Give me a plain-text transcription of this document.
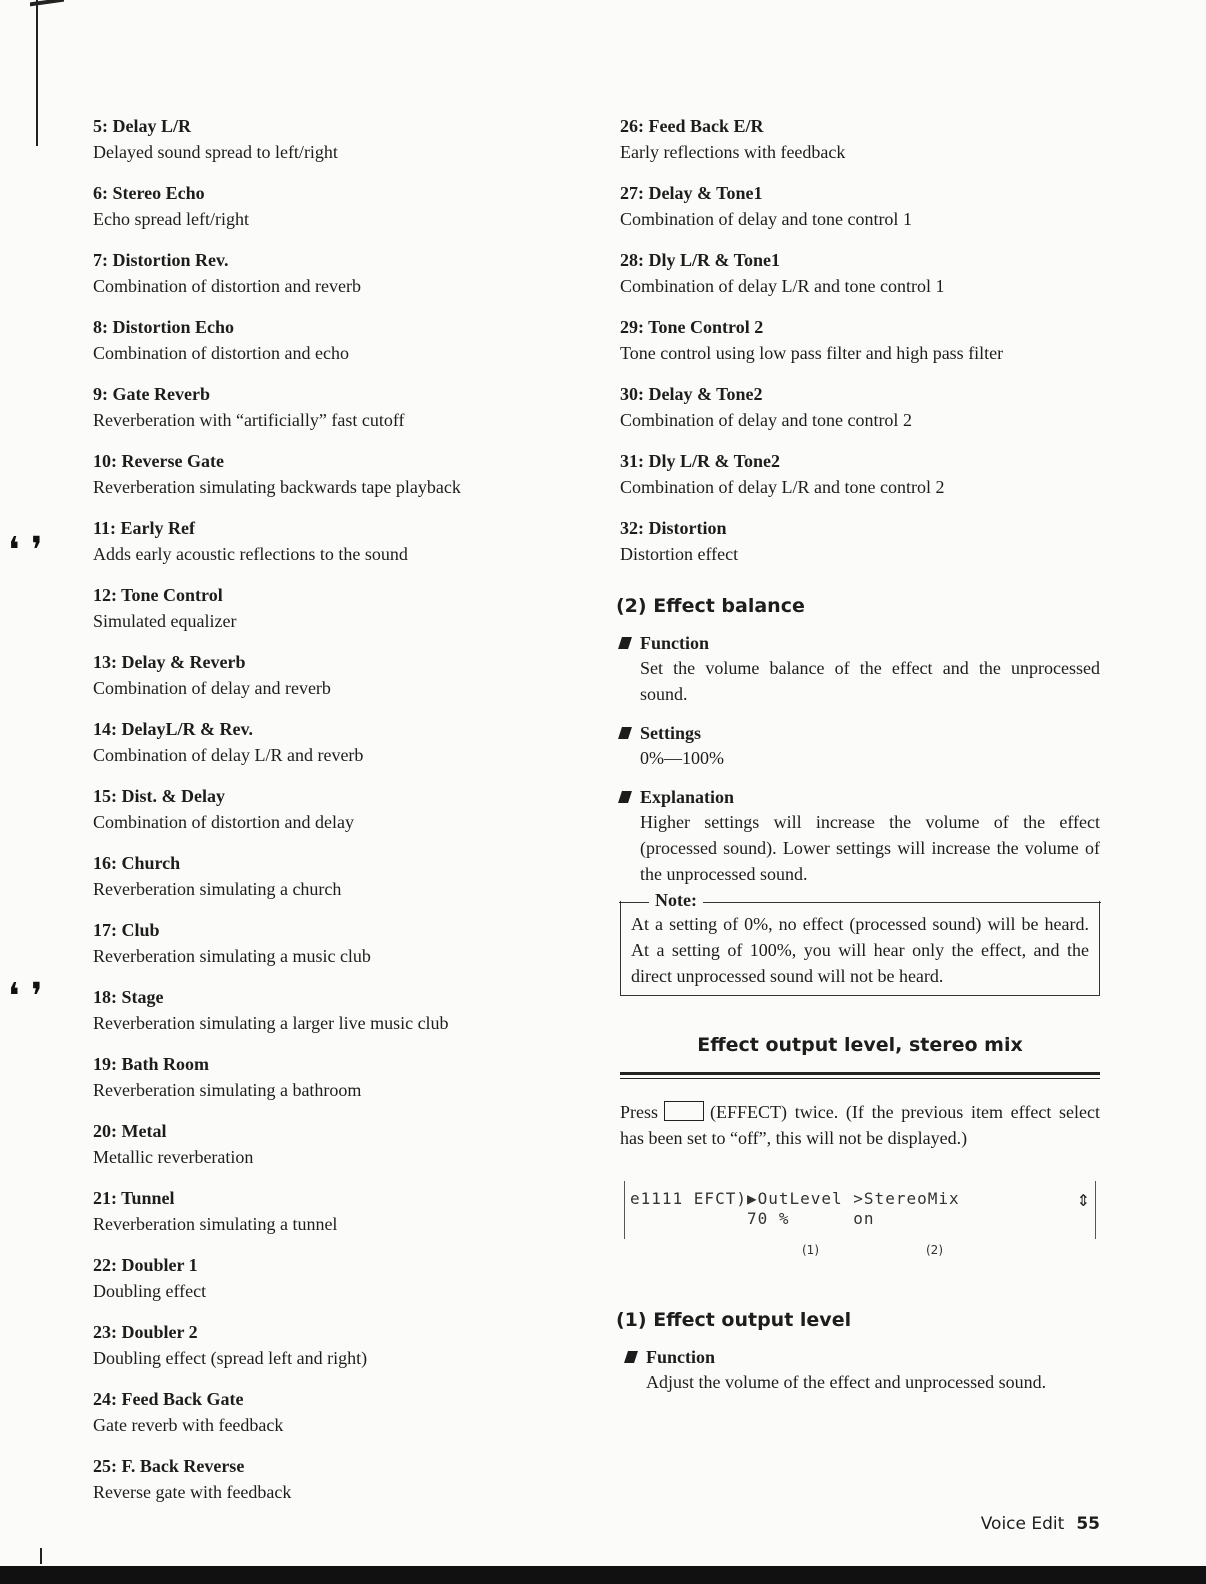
❛ ❜
❛ ❜
5: Delay L/R
Delayed sound spread to left/right
6: Stereo Echo
Echo spread left/right
7: Distortion Rev.
Combination of distortion and reverb
8: Distortion Echo
Combination of distortion and echo
9: Gate Reverb
Reverberation with “artificially” fast cutoff
10: Reverse Gate
Reverberation simulating backwards tape playback
11: Early Ref
Adds early acoustic reflections to the sound
12: Tone Control
Simulated equalizer
13: Delay & Reverb
Combination of delay and reverb
14: DelayL/R & Rev.
Combination of delay L/R and reverb
15: Dist. & Delay
Combination of distortion and delay
16: Church
Reverberation simulating a church
17: Club
Reverberation simulating a music club
18: Stage
Reverberation simulating a larger live music club
19: Bath Room
Reverberation simulating a bathroom
20: Metal
Metallic reverberation
21: Tunnel
Reverberation simulating a tunnel
22: Doubler 1
Doubling effect
23: Doubler 2
Doubling effect (spread left and right)
24: Feed Back Gate
Gate reverb with feedback
25: F. Back Reverse
Reverse gate with feedback
26: Feed Back E/R
Early reflections with feedback
27: Delay & Tone1
Combination of delay and tone control 1
28: Dly L/R & Tone1
Combination of delay L/R and tone control 1
29: Tone Control 2
Tone control using low pass filter and high pass filter
30: Delay & Tone2
Combination of delay and tone control 2
31: Dly L/R & Tone2
Combination of delay L/R and tone control 2
32: Distortion
Distortion effect
(2) Effect balance
Function
Set the volume balance of the effect and the unprocessed sound.
Settings
0%—100%
Explanation
Higher settings will increase the volume of the effect (processed sound). Lower settings will increase the volume of the unprocessed sound.
Note:
At a setting of 0%, no effect (processed sound) will be heard. At a setting of 100%, you will hear only the effect, and the direct unprocessed sound will not be heard.
Effect output level, stereo mix
Press	(EFFECT) twice. (If the previous item effect select has been set to “off”, this will not be displayed.)
e1111 EFCT)▶OutLevel >StereoMix
70 %      on
⇕
(1)	(2)
(1) Effect output level
Function
Adjust the volume of the effect and unprocessed sound.
Voice Edit 55
